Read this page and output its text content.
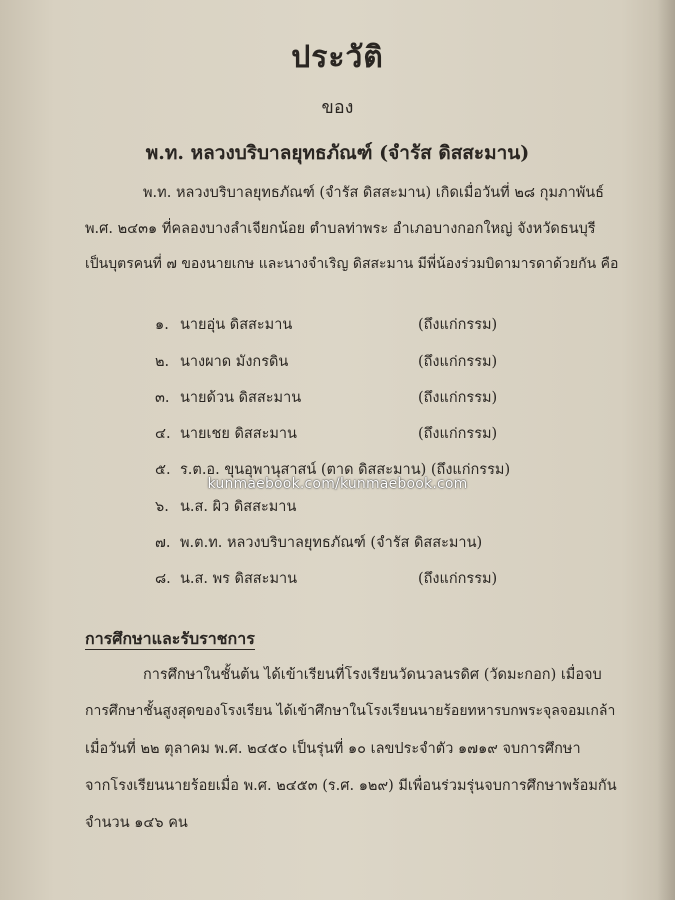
ประวัติ
ของ
พ.ท. หลวงบริบาลยุทธภัณฑ์ (จำรัส ดิสสะมาน)
พ.ท. หลวงบริบาลยุทธภัณฑ์ (จำรัส ดิสสะมาน) เกิดเมื่อวันที่ ๒๘ กุมภาพันธ์
พ.ศ. ๒๔๓๑ ที่คลองบางลำเจียกน้อย ตำบลท่าพระ อำเภอบางกอกใหญ่ จังหวัดธนบุรี
เป็นบุตรคนที่ ๗ ของนายเกษ และนางจำเริญ ดิสสะมาน มีพี่น้องร่วมบิดามารดาด้วยกัน คือ
๑. นายอุ่น ดิสสะมาน	(ถึงแก่กรรม)
๒. นางผาด มังกรดิน	(ถึงแก่กรรม)
๓. นายด้วน ดิสสะมาน	(ถึงแก่กรรม)
๔. นายเชย ดิสสะมาน	(ถึงแก่กรรม)
๕. ร.ต.อ. ขุนอุพานุสาสน์ (ตาด ดิสสะมาน) (ถึงแก่กรรม)
๖. น.ส. ผิว ดิสสะมาน
๗. พ.ต.ท. หลวงบริบาลยุทธภัณฑ์ (จำรัส ดิสสะมาน)
๘. น.ส. พร ดิสสะมาน	(ถึงแก่กรรม)
การศึกษาและรับราชการ
การศึกษาในชั้นต้น ได้เข้าเรียนที่โรงเรียนวัดนวลนรดิศ (วัดมะกอก) เมื่อจบ
การศึกษาชั้นสูงสุดของโรงเรียน ได้เข้าศึกษาในโรงเรียนนายร้อยทหารบกพระจุลจอมเกล้า
เมื่อวันที่ ๒๒ ตุลาคม พ.ศ. ๒๔๕๐ เป็นรุ่นที่ ๑๐ เลขประจำตัว ๑๗๑๙ จบการศึกษา
จากโรงเรียนนายร้อยเมื่อ พ.ศ. ๒๔๕๓ (ร.ศ. ๑๒๙) มีเพื่อนร่วมรุ่นจบการศึกษาพร้อมกัน
จำนวน ๑๔๖ คน
kunmaebook.com/kunmaebook.com
